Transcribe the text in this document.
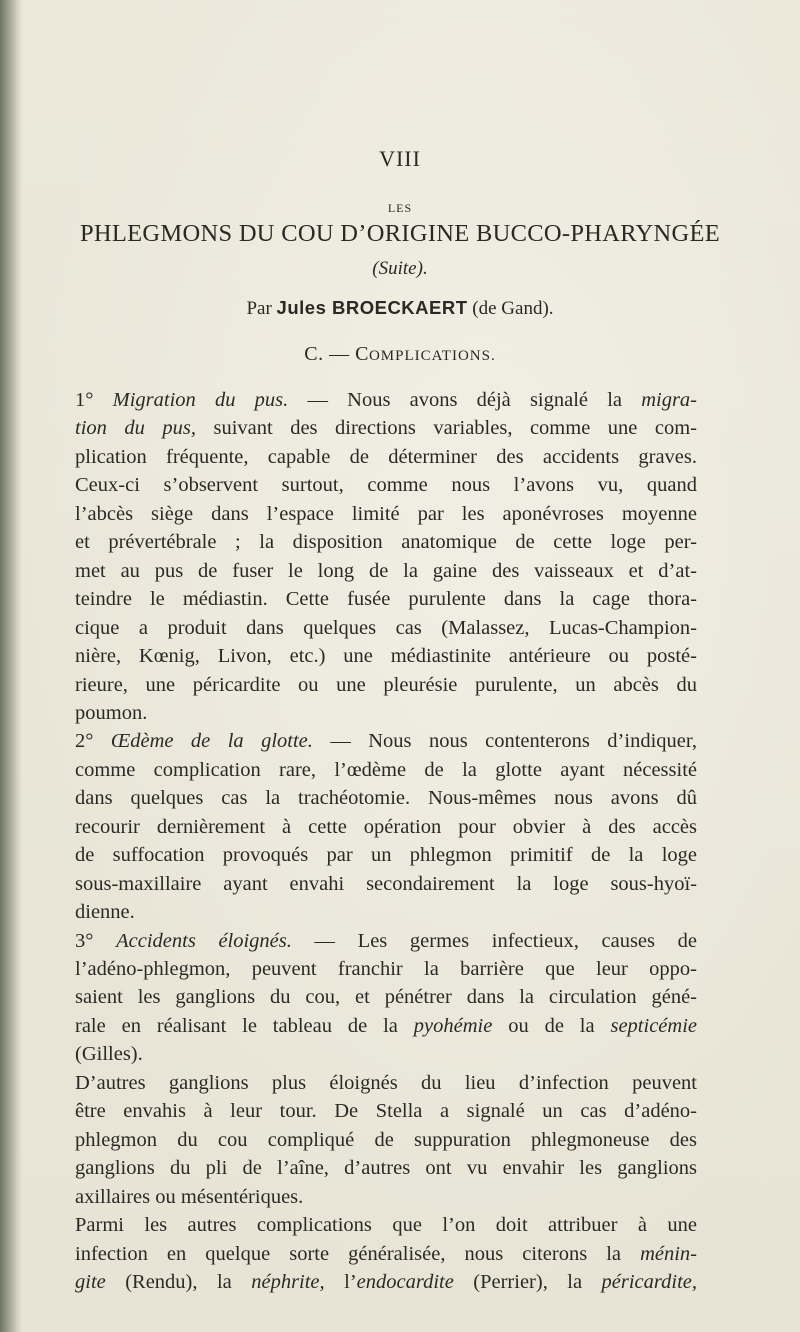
VIII
LES
PHLEGMONS DU COU D’ORIGINE BUCCO-PHARYNGÉE
(Suite).
Par Jules BROECKAERT (de Gand).
C. — COMPLICATIONS.
1° Migration du pus. — Nous avons déjà signalé la migra-
tion du pus, suivant des directions variables, comme une com-
plication fréquente, capable de déterminer des accidents graves.
Ceux-ci s’observent surtout, comme nous l’avons vu, quand
l’abcès siège dans l’espace limité par les aponévroses moyenne
et prévertébrale ; la disposition anatomique de cette loge per-
met au pus de fuser le long de la gaine des vaisseaux et d’at-
teindre le médiastin. Cette fusée purulente dans la cage thora-
cique a produit dans quelques cas (Malassez, Lucas-Champion-
nière, Kœnig, Livon, etc.) une médiastinite antérieure ou posté-
rieure, une péricardite ou une pleurésie purulente, un abcès du
poumon.
2° Œdème de la glotte. — Nous nous contenterons d’indiquer,
comme complication rare, l’œdème de la glotte ayant nécessité
dans quelques cas la trachéotomie. Nous-mêmes nous avons dû
recourir dernièrement à cette opération pour obvier à des accès
de suffocation provoqués par un phlegmon primitif de la loge
sous-maxillaire ayant envahi secondairement la loge sous-hyoï-
dienne.
3° Accidents éloignés. — Les germes infectieux, causes de
l’adéno-phlegmon, peuvent franchir la barrière que leur oppo-
saient les ganglions du cou, et pénétrer dans la circulation géné-
rale en réalisant le tableau de la pyohémie ou de la septicémie
(Gilles).
D’autres ganglions plus éloignés du lieu d’infection peuvent
être envahis à leur tour. De Stella a signalé un cas d’adéno-
phlegmon du cou compliqué de suppuration phlegmoneuse des
ganglions du pli de l’aîne, d’autres ont vu envahir les ganglions
axillaires ou mésentériques.
Parmi les autres complications que l’on doit attribuer à une
infection en quelque sorte généralisée, nous citerons la ménin-
gite (Rendu), la néphrite, l’endocardite (Perrier), la péricardite,
